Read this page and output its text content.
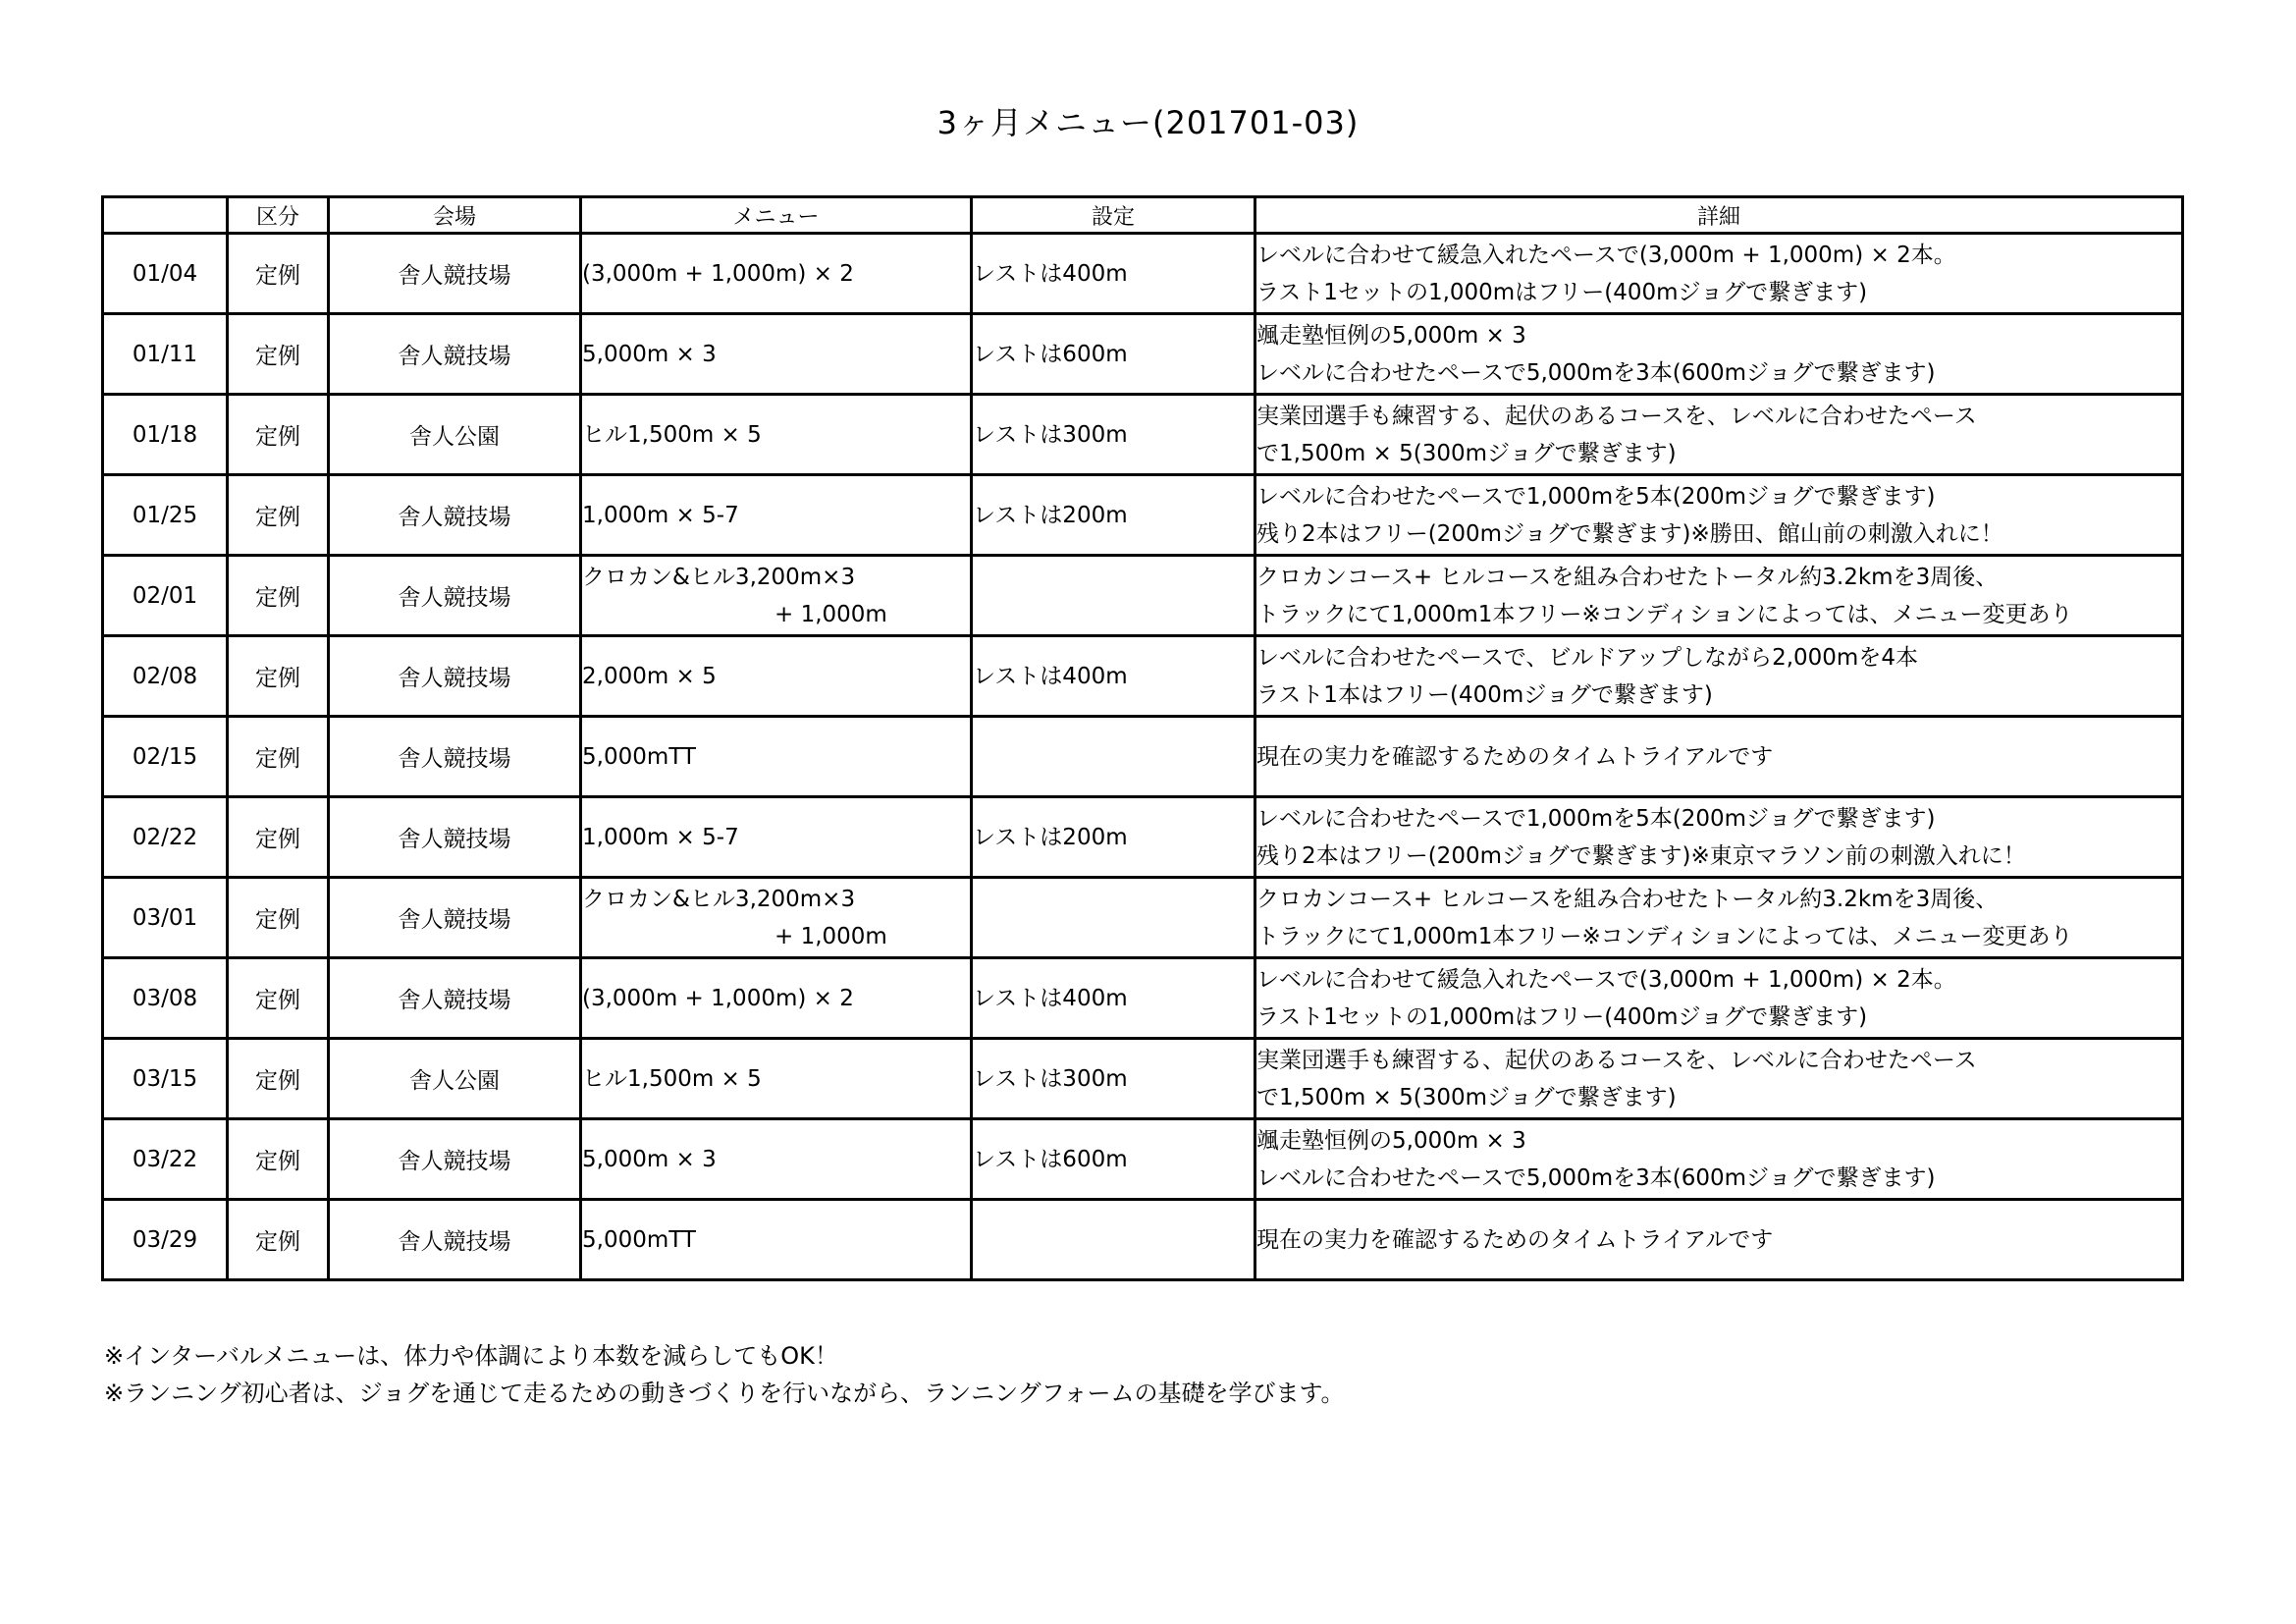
3ヶ月メニュー(201701-03)
	区分	会場	メニュー	設定	詳細
01/04	定例	舎人競技場	(3,000m + 1,000m) × 2	レストは400m	レベルに合わせて緩急入れたペースで(3,000m + 1,000m) × 2本。
ラスト1セットの1,000mはフリー(400mジョグで繋ぎます)

01/11	定例	舎人競技場	5,000m × 3	レストは600m	颯走塾恒例の5,000m × 3
レベルに合わせたペースで5,000mを3本(600mジョグで繋ぎます)

01/18	定例	舎人公園	ヒル1,500m × 5	レストは300m	実業団選手も練習する、起伏のあるコースを、レベルに合わせたペース
で1,500m × 5(300mジョグで繋ぎます)

01/25	定例	舎人競技場	1,000m × 5-7	レストは200m	レベルに合わせたペースで1,000mを5本(200mジョグで繋ぎます)
残り2本はフリー(200mジョグで繋ぎます)※勝田、館山前の刺激入れに！

02/01	定例	舎人競技場	クロカン&ヒル3,200m×3
+ 1,000m		クロカンコース+ ヒルコースを組み合わせたトータル約3.2kmを3周後、
トラックにて1,000m1本フリー※コンディションによっては、メニュー変更あり

02/08	定例	舎人競技場	2,000m × 5	レストは400m	レベルに合わせたペースで、ビルドアップしながら2,000mを4本
ラスト1本はフリー(400mジョグで繋ぎます)

02/15	定例	舎人競技場	5,000mTT		現在の実力を確認するためのタイムトライアルです

02/22	定例	舎人競技場	1,000m × 5-7	レストは200m	レベルに合わせたペースで1,000mを5本(200mジョグで繋ぎます)
残り2本はフリー(200mジョグで繋ぎます)※東京マラソン前の刺激入れに！

03/01	定例	舎人競技場	クロカン&ヒル3,200m×3
+ 1,000m		クロカンコース+ ヒルコースを組み合わせたトータル約3.2kmを3周後、
トラックにて1,000m1本フリー※コンディションによっては、メニュー変更あり

03/08	定例	舎人競技場	(3,000m + 1,000m) × 2	レストは400m	レベルに合わせて緩急入れたペースで(3,000m + 1,000m) × 2本。
ラスト1セットの1,000mはフリー(400mジョグで繋ぎます)

03/15	定例	舎人公園	ヒル1,500m × 5	レストは300m	実業団選手も練習する、起伏のあるコースを、レベルに合わせたペース
で1,500m × 5(300mジョグで繋ぎます)

03/22	定例	舎人競技場	5,000m × 3	レストは600m	颯走塾恒例の5,000m × 3
レベルに合わせたペースで5,000mを3本(600mジョグで繋ぎます)

03/29	定例	舎人競技場	5,000mTT		現在の実力を確認するためのタイムトライアルです
※インターバルメニューは、体力や体調により本数を減らしてもOK！
※ランニング初心者は、ジョグを通じて走るための動きづくりを行いながら、ランニングフォームの基礎を学びます。
